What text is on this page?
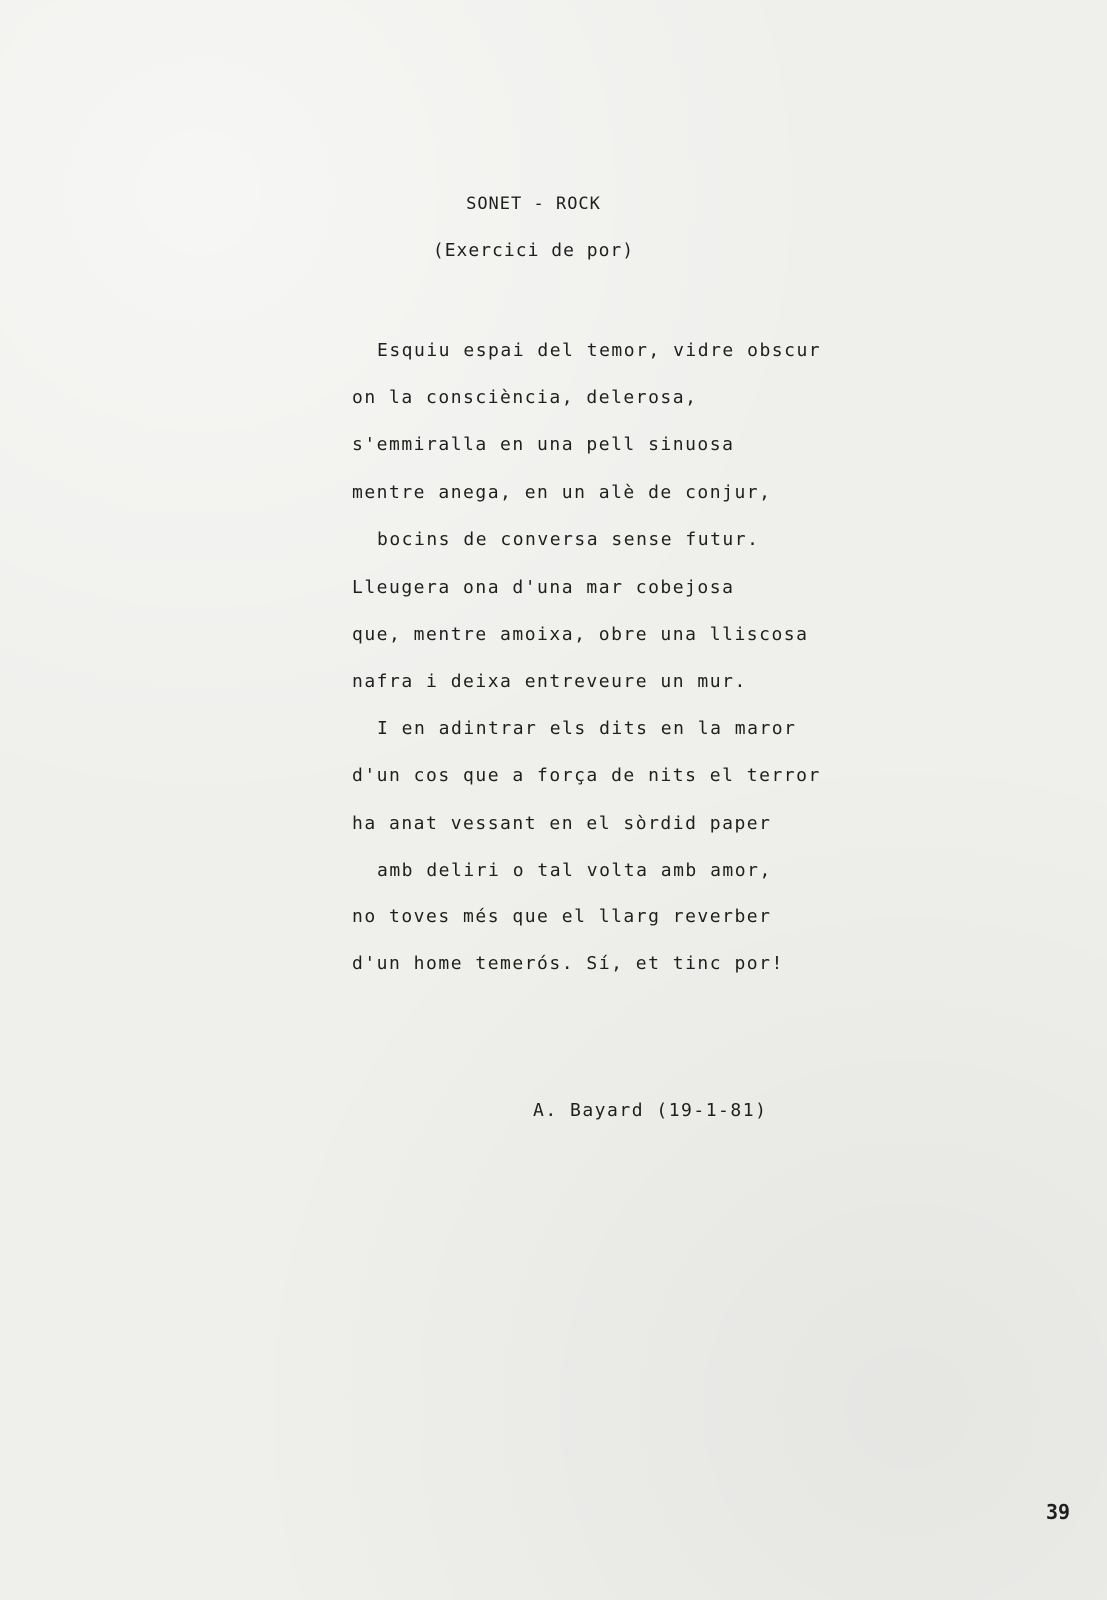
SONET - ROCK
(Exercici de por)
Esquiu espai del temor, vidre obscur
on la consciència, delerosa,
s'emmiralla en una pell sinuosa
mentre anega, en un alè de conjur,
bocins de conversa sense futur.
Lleugera ona d'una mar cobejosa
que, mentre amoixa, obre una lliscosa
nafra i deixa entreveure un mur.
I en adintrar els dits en la maror
d'un cos que a força de nits el terror
ha anat vessant en el sòrdid paper
amb deliri o tal volta amb amor,
no toves més que el llarg reverber
d'un home temerós. Sí, et tinc por!
A. Bayard (19-1-81)
39
